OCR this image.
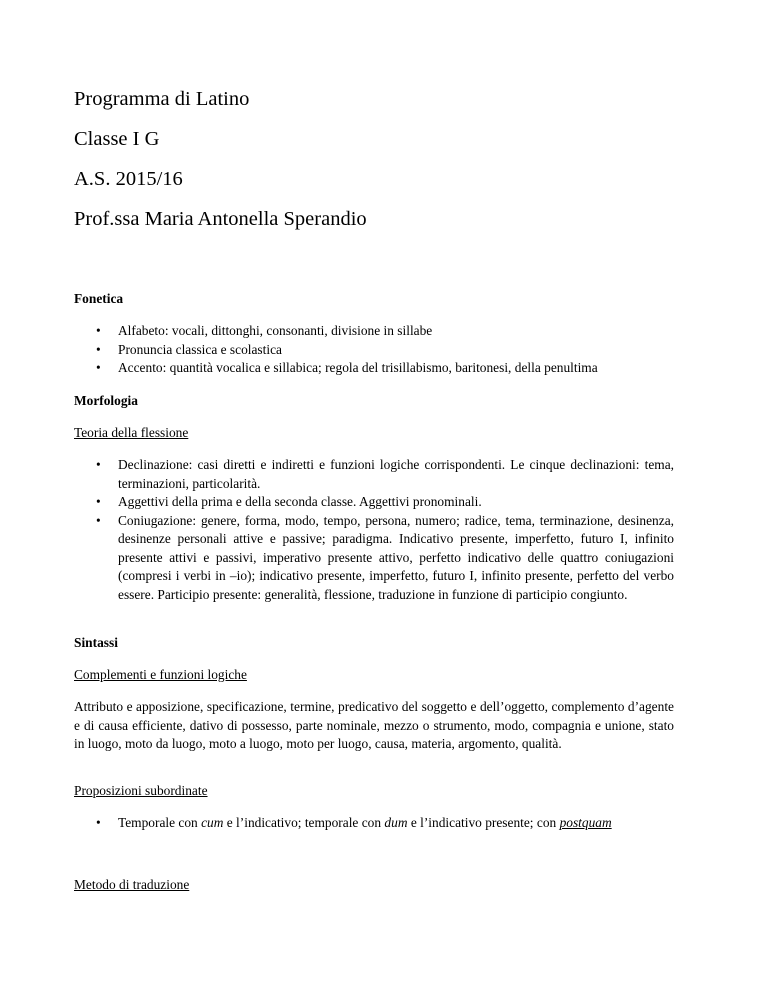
Programma di Latino

Classe I G

A.S. 2015/16

Prof.ssa Maria Antonella Sperandio

Fonetica

• Alfabeto: vocali, dittonghi, consonanti, divisione in sillabe
• Pronuncia classica e scolastica
• Accento: quantità vocalica e sillabica; regola del trisillabismo, baritonesi, della penultima

Morfologia

Teoria della flessione

• Declinazione: casi diretti e indiretti e funzioni logiche corrispondenti. Le cinque declinazioni: tema, terminazioni, particolarità.
• Aggettivi della prima e della seconda classe. Aggettivi pronominali.
• Coniugazione: genere, forma, modo, tempo, persona, numero; radice, tema, terminazione, desinenza, desinenze personali attive e passive; paradigma. Indicativo presente, imperfetto, futuro I, infinito presente attivi e passivi, imperativo presente attivo, perfetto indicativo delle quattro coniugazioni (compresi i verbi in –io); indicativo presente, imperfetto, futuro I, infinito presente, perfetto del verbo essere. Participio presente: generalità, flessione, traduzione in funzione di participio congiunto.

Sintassi

Complementi e funzioni logiche

Attributo e apposizione, specificazione, termine, predicativo del soggetto e dell’oggetto, complemento d’agente e di causa efficiente, dativo di possesso, parte nominale, mezzo o strumento, modo, compagnia e unione, stato in luogo, moto da luogo, moto a luogo, moto per luogo, causa, materia, argomento, qualità.

Proposizioni subordinate

• Temporale con cum e l’indicativo; temporale con dum e l’indicativo presente; con postquam

Metodo di traduzione
